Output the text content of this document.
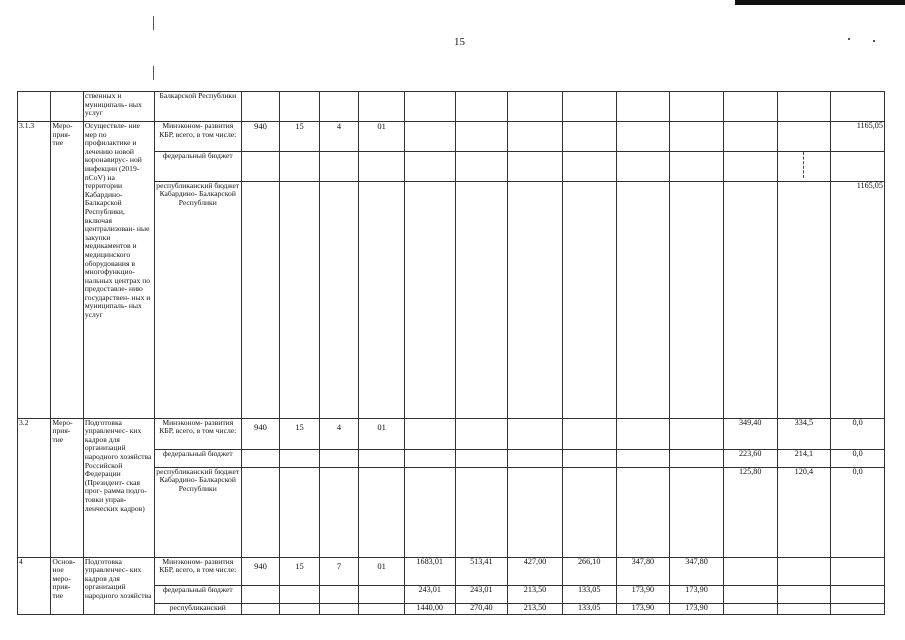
15
		ственных и муниципаль- ных услуг	Балкарской Республики													
3.1.3	Меро- прия- тие	Осуществле- ние мер по профилактике и лечению новой коронавирус- ной инфекции (2019-nCoV) на территории Кабардино- Балкарской Республики, включая централизован- ные закупки медикаментов и медицинского оборудования в многофункцио- нальных центрах по предоставле- нию государствен- ных и муниципаль- ных услуг	Минэконом- развития КБР, всего, в том числе:	940	15	4	01									1165,05
			федеральный бюджет													
			республиканский бюджет Кабардино- Балкарской Республики													1165,05
3.2	Меро- прия- тие	Подготовка управленчес- ких кадров для организаций народного хозяйства Российской Федерации (Президент- ская прог- рамма подго- товки управ- ленческих кадров)	Минэконом- развития КБР, всего, в том числе:	940	15	4	01							349,40	334,5	0,0
			федеральный бюджет											223,60	214,1	0,0
			республиканский бюджет Кабардино- Балкарской Республики											125,80	120,4	0,0
4	Основ- ное меро- прия- тие	Подготовка управленчес- ких кадров для организаций народного хозяйства	Минэконом- развития КБР, всего, в том числе:	940	15	7	01	1683,01	513,41	427,00	266,10	347,80	347,80			
			федеральный бюджет					243,01	243,01	213,50	133,05	173,90	173,90			
			республиканский					1440,00	270,40	213,50	133,05	173,90	173,90			
